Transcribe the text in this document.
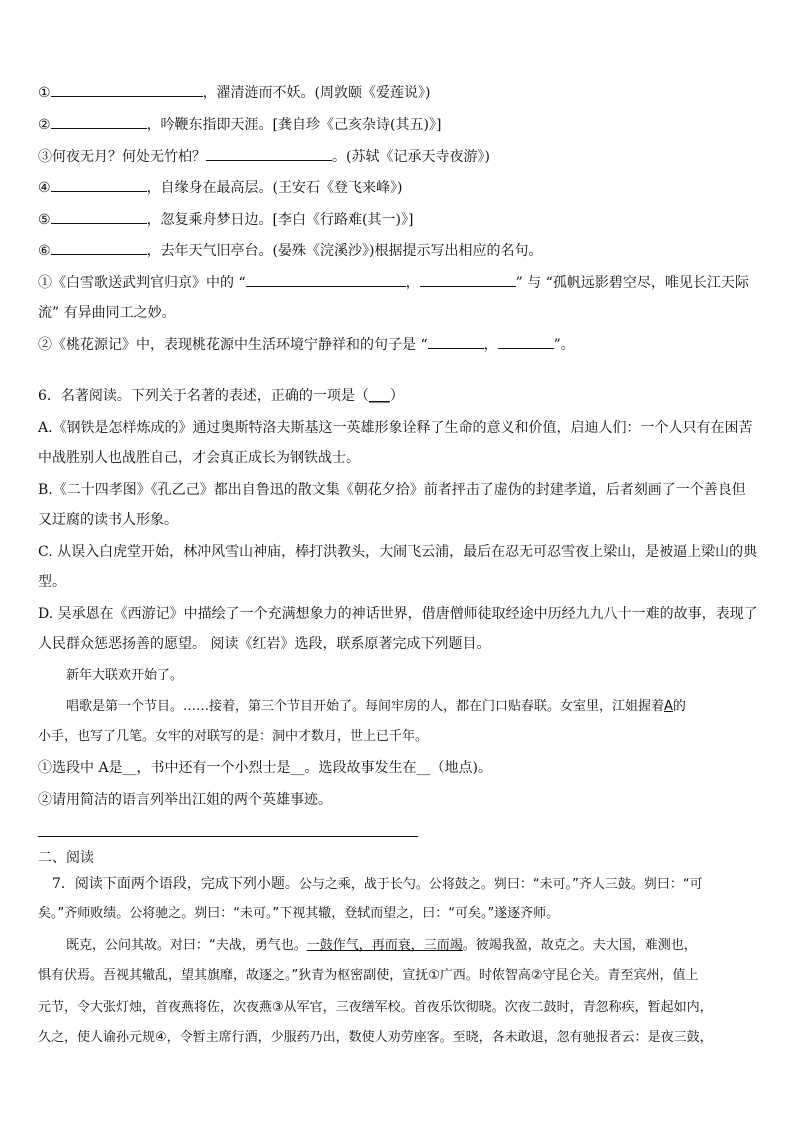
①	，濯清涟而不妖。(周敦颐《爱莲说》)
②	，吟鞭东指即天涯。[龚自珍《己亥杂诗(其五)》]
③何夜无月？何处无竹柏？	。(苏轼《记承天寺夜游》)
④	，自缘身在最高层。(王安石《登飞来峰》)
⑤	，忽复乘舟梦日边。[李白《行路难(其一)》]
⑥	，去年天气旧亭台。(晏殊《浣溪沙》)根据提示写出相应的名句。
①《白雪歌送武判官归京》中的 “	，	” 与 “孤帆远影碧空尽，唯见长江天际
流” 有异曲同工之妙。
②《桃花源记》中，表现桃花源中生活环境宁静祥和的句子是 “	，	”。
6．名著阅读。下列关于名著的表述，正确的一项是（___）
A.《钢铁是怎样炼成的》通过奥斯特洛夫斯基这一英雄形象诠释了生命的意义和价值，启迪人们：一个人只有在困苦
中战胜别人也战胜自己，才会真正成长为钢铁战士。
B.《二十四孝图》《孔乙己》都出自鲁迅的散文集《朝花夕拾》前者抨击了虚伪的封建孝道，后者刻画了一个善良但
又迂腐的读书人形象。
C. 从误入白虎堂开始，林冲风雪山神庙，棒打洪教头，大闹飞云浦，最后在忍无可忍雪夜上梁山，是被逼上梁山的典
型。
D. 吴承恩在《西游记》中描绘了一个充满想象力的神话世界，借唐僧师徒取经途中历经九九八十一难的故事，表现了
人民群众惩恶扬善的愿望。 阅读《红岩》选段，联系原著完成下列题目。
新年大联欢开始了。
唱歌是第一个节目。……接着，第三个节目开始了。每间牢房的人，都在门口贴春联。女室里，江姐握着A的
小手，也写了几笔。女牢的对联写的是：洞中才数月，世上已千年。
①选段中 A是__，书中还有一个小烈士是__。选段故事发生在__（地点)。
②请用简洁的语言列举出江姐的两个英雄事迹。
二、阅读
7．阅读下面两个语段，完成下列小题。公与之乘，战于长勺。公将鼓之。刿曰：“未可。”齐人三鼓。刿曰：“可
矣。”齐师败绩。公将驰之。刿曰：“未可。”下视其辙，登轼而望之，曰：“可矣。”遂逐齐师。
既克，公问其故。对曰：“夫战，勇气也。一鼓作气，再而衰，三而竭。彼竭我盈，故克之。夫大国，难测也，
惧有伏焉。吾视其辙乱，望其旗靡，故逐之。”狄青为枢密副使，宣抚①广西。时侬智高②守昆仑关。青至宾州，值上
元节，令大张灯烛，首夜燕将佐，次夜燕③从军官，三夜缮军校。首夜乐饮彻晓。次夜二鼓时，青忽称疾，暂起如内，
久之，使人谕孙元规④，令暂主席行酒，少服药乃出，数使人劝劳座客。至晓，各未敢退，忽有驰报者云：是夜三鼓，
